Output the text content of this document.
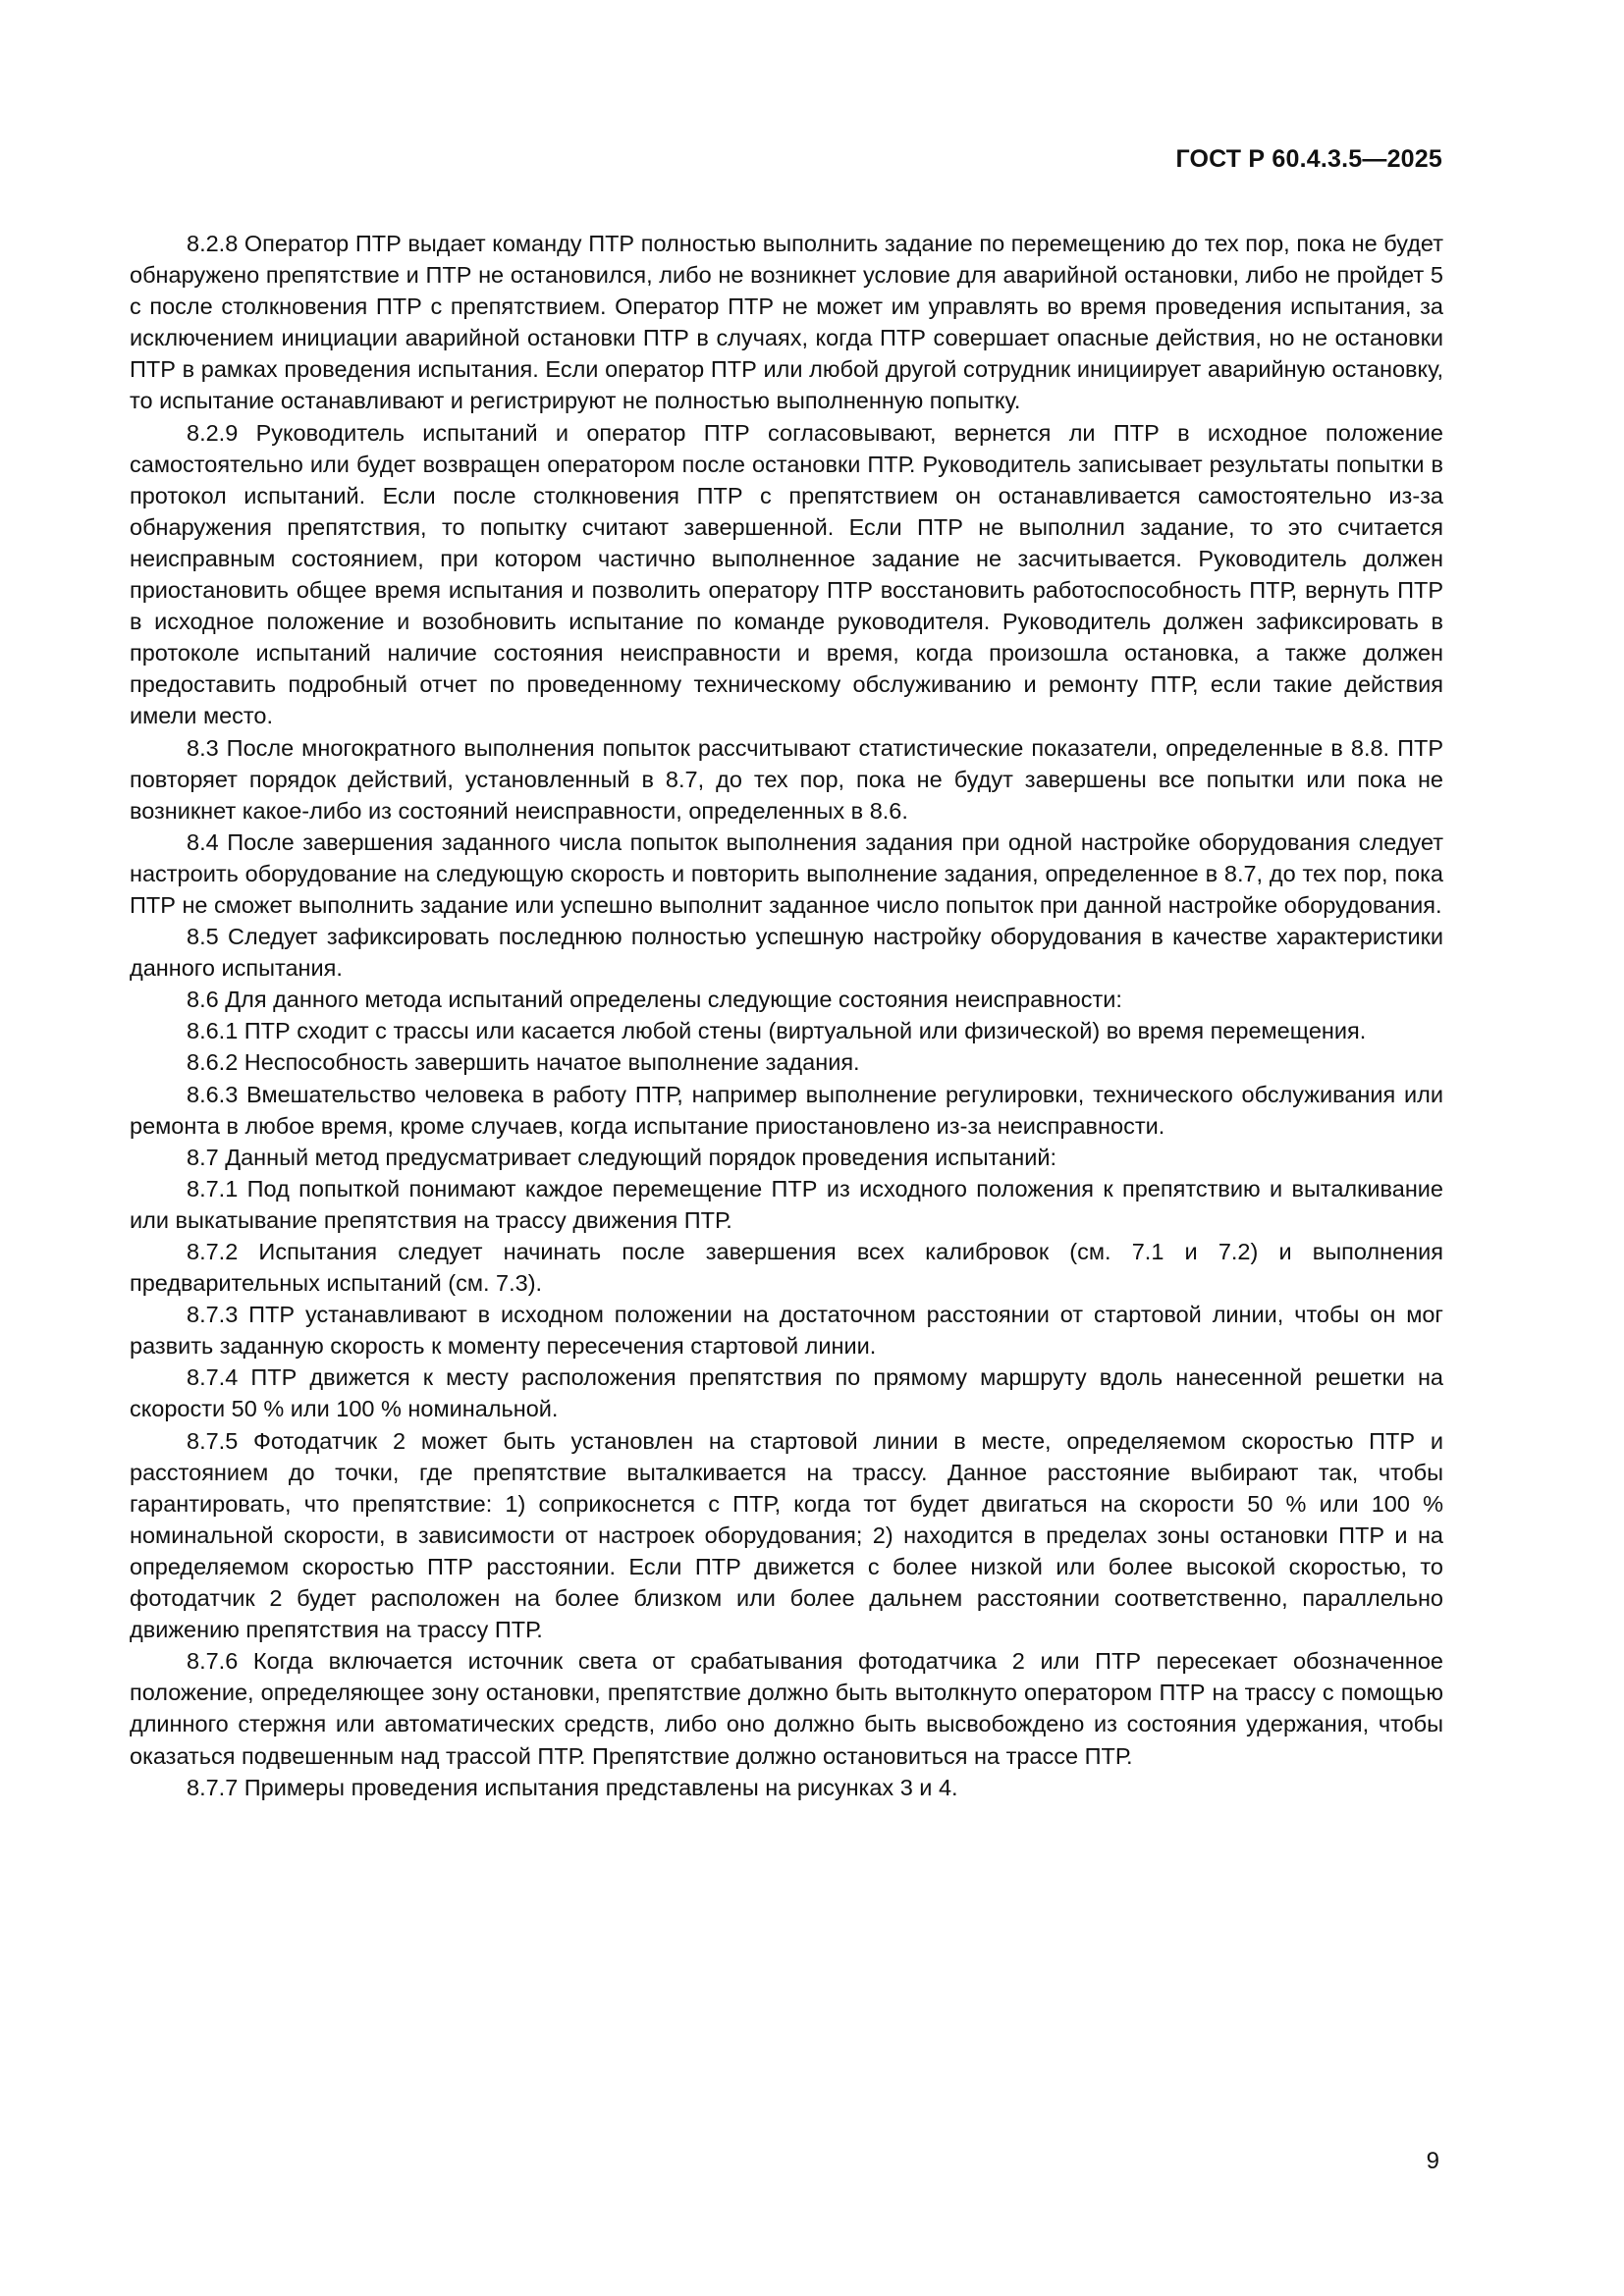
ГОСТ Р 60.4.3.5—2025

8.2.8 Оператор ПТР выдает команду ПТР полностью выполнить задание по перемещению до тех пор, пока не будет обнаружено препятствие и ПТР не остановился, либо не возникнет условие для аварийной остановки, либо не пройдет 5 с после столкновения ПТР с препятствием. Оператор ПТР не может им управлять во время проведения испытания, за исключением инициации аварийной остановки ПТР в случаях, когда ПТР совершает опасные действия, но не остановки ПТР в рамках проведения испытания. Если оператор ПТР или любой другой сотрудник инициирует аварийную остановку, то испытание останавливают и регистрируют не полностью выполненную попытку.

8.2.9 Руководитель испытаний и оператор ПТР согласовывают, вернется ли ПТР в исходное положение самостоятельно или будет возвращен оператором после остановки ПТР. Руководитель записывает результаты попытки в протокол испытаний. Если после столкновения ПТР с препятствием он останавливается самостоятельно из-за обнаружения препятствия, то попытку считают завершенной. Если ПТР не выполнил задание, то это считается неисправным состоянием, при котором частично выполненное задание не засчитывается. Руководитель должен приостановить общее время испытания и позволить оператору ПТР восстановить работоспособность ПТР, вернуть ПТР в исходное положение и возобновить испытание по команде руководителя. Руководитель должен зафиксировать в протоколе испытаний наличие состояния неисправности и время, когда произошла остановка, а также должен предоставить подробный отчет по проведенному техническому обслуживанию и ремонту ПТР, если такие действия имели место.

8.3 После многократного выполнения попыток рассчитывают статистические показатели, определенные в 8.8. ПТР повторяет порядок действий, установленный в 8.7, до тех пор, пока не будут завершены все попытки или пока не возникнет какое-либо из состояний неисправности, определенных в 8.6.

8.4 После завершения заданного числа попыток выполнения задания при одной настройке оборудования следует настроить оборудование на следующую скорость и повторить выполнение задания, определенное в 8.7, до тех пор, пока ПТР не сможет выполнить задание или успешно выполнит заданное число попыток при данной настройке оборудования.

8.5 Следует зафиксировать последнюю полностью успешную настройку оборудования в качестве характеристики данного испытания.

8.6 Для данного метода испытаний определены следующие состояния неисправности:

8.6.1 ПТР сходит с трассы или касается любой стены (виртуальной или физической) во время перемещения.

8.6.2 Неспособность завершить начатое выполнение задания.

8.6.3 Вмешательство человека в работу ПТР, например выполнение регулировки, технического обслуживания или ремонта в любое время, кроме случаев, когда испытание приостановлено из-за неисправности.

8.7 Данный метод предусматривает следующий порядок проведения испытаний:

8.7.1 Под попыткой понимают каждое перемещение ПТР из исходного положения к препятствию и выталкивание или выкатывание препятствия на трассу движения ПТР.

8.7.2 Испытания следует начинать после завершения всех калибровок (см. 7.1 и 7.2) и выполнения предварительных испытаний (см. 7.3).

8.7.3 ПТР устанавливают в исходном положении на достаточном расстоянии от стартовой линии, чтобы он мог развить заданную скорость к моменту пересечения стартовой линии.

8.7.4 ПТР движется к месту расположения препятствия по прямому маршруту вдоль нанесенной решетки на скорости 50 % или 100 % номинальной.

8.7.5 Фотодатчик 2 может быть установлен на стартовой линии в месте, определяемом скоростью ПТР и расстоянием до точки, где препятствие выталкивается на трассу. Данное расстояние выбирают так, чтобы гарантировать, что препятствие: 1) соприкоснется с ПТР, когда тот будет двигаться на скорости 50 % или 100 % номинальной скорости, в зависимости от настроек оборудования; 2) находится в пределах зоны остановки ПТР и на определяемом скоростью ПТР расстоянии. Если ПТР движется с более низкой или более высокой скоростью, то фотодатчик 2 будет расположен на более близком или более дальнем расстоянии соответственно, параллельно движению препятствия на трассу ПТР.

8.7.6 Когда включается источник света от срабатывания фотодатчика 2 или ПТР пересекает обозначенное положение, определяющее зону остановки, препятствие должно быть вытолкнуто оператором ПТР на трассу с помощью длинного стержня или автоматических средств, либо оно должно быть высвобождено из состояния удержания, чтобы оказаться подвешенным над трассой ПТР. Препятствие должно остановиться на трассе ПТР.

8.7.7 Примеры проведения испытания представлены на рисунках 3 и 4.

9
